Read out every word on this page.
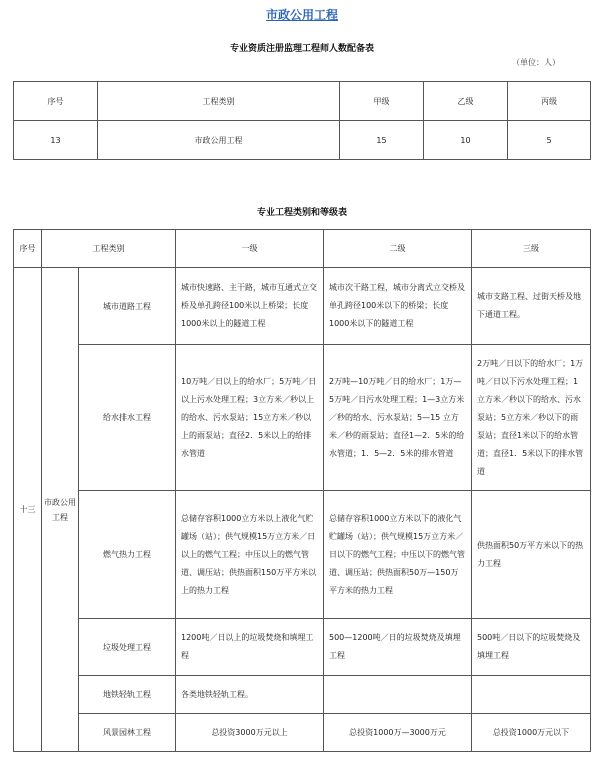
市政公用工程
专业资质注册监理工程师人数配备表
（单位：人）
序号	工程类别	甲级	乙级	丙级
13	市政公用工程	15	10	5
专业工程类别和等级表
序号	工程类别		一级	二级	三级
十三	市政公用工程	城市道路工程	城市快速路、主干路，城市互通式立交桥及单孔跨径100米以上桥梁；长度1000米以上的隧道工程	城市次干路工程，城市分离式立交桥及单孔跨径100米以下的桥梁；长度1000米以下的隧道工程	城市支路工程、过街天桥及地下通道工程。
		给水排水工程	10万吨／日以上的给水厂；5万吨／日以上污水处理工程；3立方米／秒以上的给水、污水泵站；15立方米／秒以上的雨泵站；直径2．5米以上的给排水管道	2万吨—10万吨／日的给水厂；1万—5万吨／日污水处理工程；1—3立方米／秒的给水、污水泵站；5—15 立方米／秒的雨泵站；直径1—2．5米的给水管道；1．5—2．5米的排水管道	2万吨／日以下的给水厂；1万吨／日以下污水处理工程；1立方米／秒以下的给水、污水泵站；5立方米／秒以下的雨泵站；直径1米以下的给水管道；直径1．5米以下的排水管道
		燃气热力工程	总储存容积1000立方米以上液化气贮罐场（站）；供气规模15万立方米／日以上的燃气工程；中压以上的燃气管道、调压站；供热面积150万平方米以上的热力工程	总储存容积1000立方米以下的液化气贮罐场（站）；供气规模15万立方米／日以下的燃气工程；中压以下的燃气管道、调压站；供热面积50万—150万平方米的热力工程	供热面积50万平方米以下的热力工程
		垃圾处理工程	1200吨／日以上的垃圾焚烧和填埋工程	500—1200吨／日的垃圾焚烧及填埋工程	500吨／日以下的垃圾焚烧及填埋工程
		地铁轻轨工程	各类地铁轻轨工程。		
		风景园林工程	总投资3000万元以上	总投资1000万—3000万元	总投资1000万元以下
